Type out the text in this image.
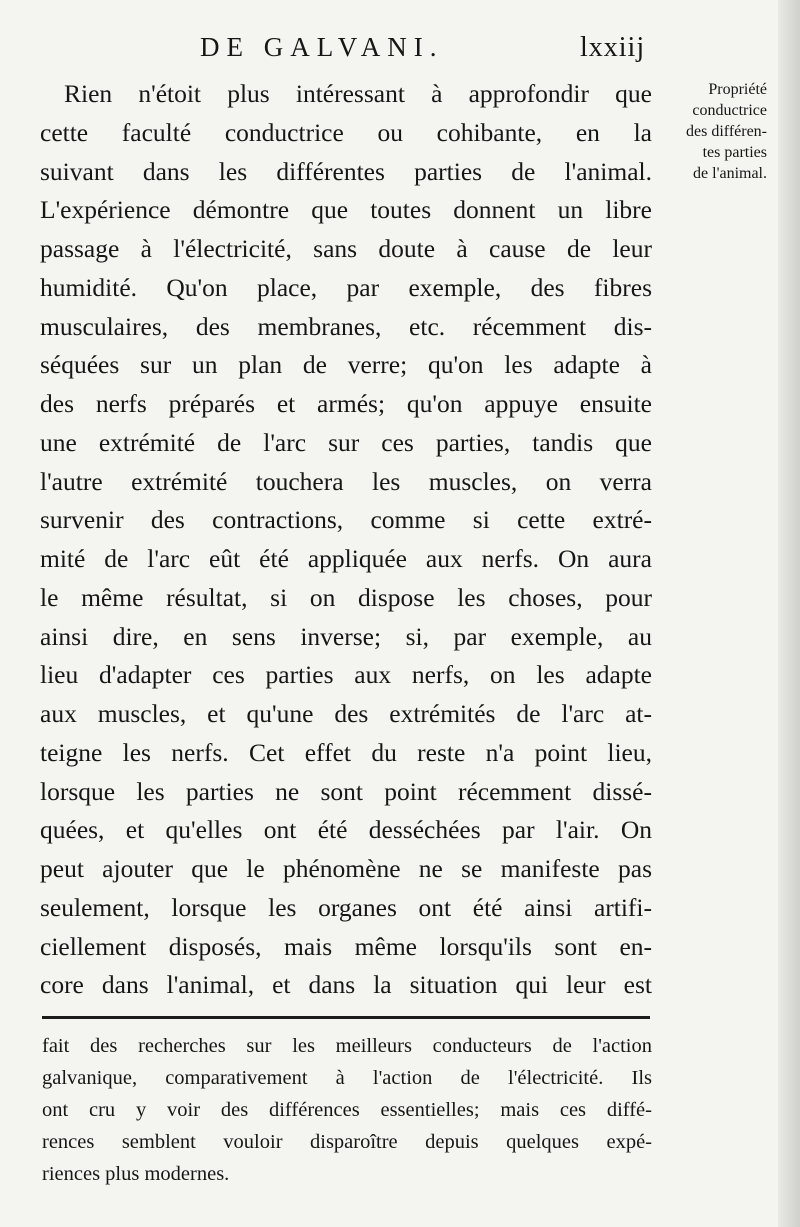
DE GALVANI.	lxxiij
Rien n'étoit plus intéressant à approfondir que
cette faculté conductrice ou cohibante, en la
suivant dans les différentes parties de l'animal.
L'expérience démontre que toutes donnent un libre
passage à l'électricité, sans doute à cause de leur
humidité. Qu'on place, par exemple, des fibres
musculaires, des membranes, etc. récemment dis-
séquées sur un plan de verre; qu'on les adapte à
des nerfs préparés et armés; qu'on appuye ensuite
une extrémité de l'arc sur ces parties, tandis que
l'autre extrémité touchera les muscles, on verra
survenir des contractions, comme si cette extré-
mité de l'arc eût été appliquée aux nerfs. On aura
le même résultat, si on dispose les choses, pour
ainsi dire, en sens inverse; si, par exemple, au
lieu d'adapter ces parties aux nerfs, on les adapte
aux muscles, et qu'une des extrémités de l'arc at-
teigne les nerfs. Cet effet du reste n'a point lieu,
lorsque les parties ne sont point récemment dissé-
quées, et qu'elles ont été desséchées par l'air. On
peut ajouter que le phénomène ne se manifeste pas
seulement, lorsque les organes ont été ainsi artifi-
ciellement disposés, mais même lorsqu'ils sont en-
core dans l'animal, et dans la situation qui leur est
Propriété
conductrice
des différen-
tes parties
de l'animal.
fait des recherches sur les meilleurs conducteurs de l'action
galvanique, comparativement à l'action de l'électricité. Ils
ont cru y voir des différences essentielles; mais ces diffé-
rences semblent vouloir disparoître depuis quelques expé-
riences plus modernes.
